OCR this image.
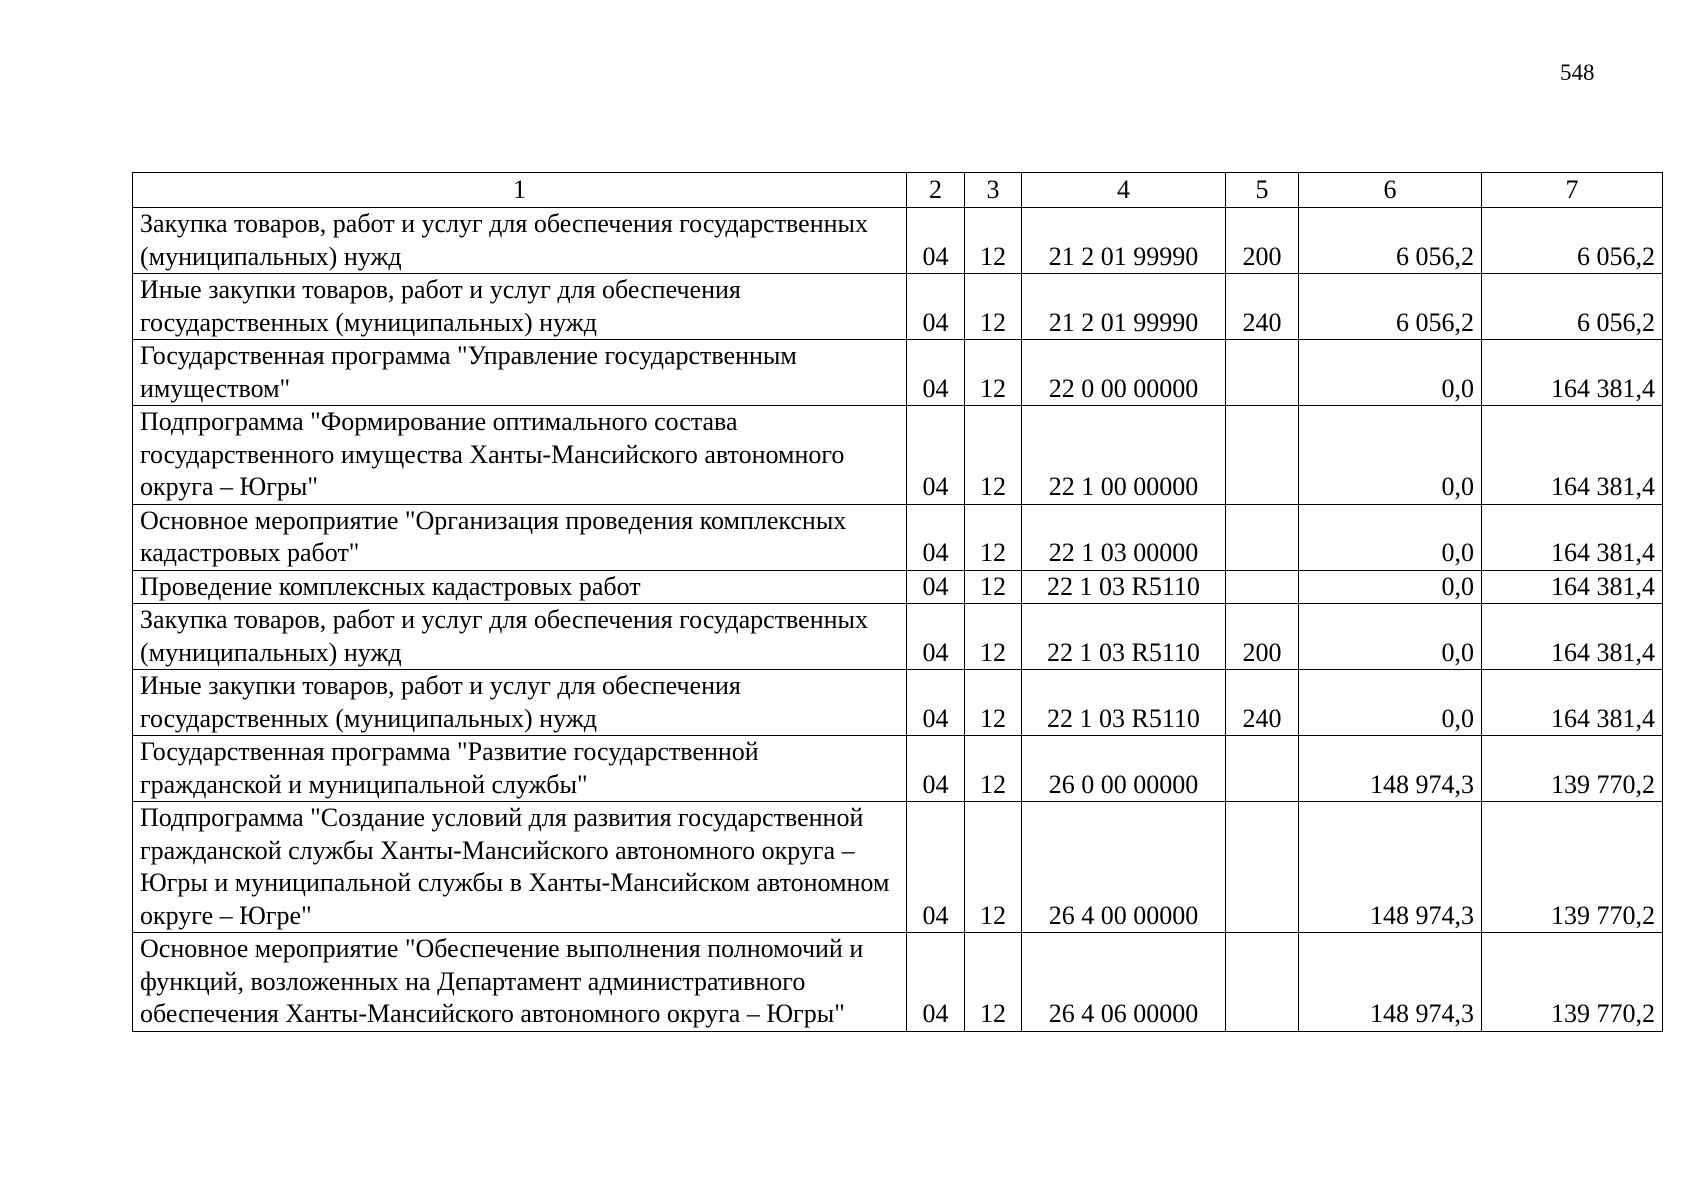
548
1	2	3	4	5	6	7
Закупка товаров, работ и услуг для обеспечения государственных (муниципальных) нужд	04	12	21 2 01 99990	200	6 056,2	6 056,2
Иные закупки товаров, работ и услуг для обеспечения государственных (муниципальных) нужд	04	12	21 2 01 99990	240	6 056,2	6 056,2
Государственная программа "Управление государственным имуществом"	04	12	22 0 00 00000		0,0	164 381,4
Подпрограмма "Формирование оптимального состава государственного имущества Ханты-Мансийского автономного округа – Югры"	04	12	22 1 00 00000		0,0	164 381,4
Основное мероприятие "Организация проведения комплексных кадастровых работ"	04	12	22 1 03 00000		0,0	164 381,4
Проведение комплексных кадастровых работ	04	12	22 1 03 R5110		0,0	164 381,4
Закупка товаров, работ и услуг для обеспечения государственных (муниципальных) нужд	04	12	22 1 03 R5110	200	0,0	164 381,4
Иные закупки товаров, работ и услуг для обеспечения государственных (муниципальных) нужд	04	12	22 1 03 R5110	240	0,0	164 381,4
Государственная программа "Развитие государственной гражданской и муниципальной службы"	04	12	26 0 00 00000		148 974,3	139 770,2
Подпрограмма "Создание условий для развития государственной гражданской службы Ханты-Мансийского автономного округа – Югры и муниципальной службы в Ханты-Мансийском автономном округе – Югре"	04	12	26 4 00 00000		148 974,3	139 770,2
Основное мероприятие "Обеспечение выполнения полномочий и функций, возложенных на Департамент административного обеспечения Ханты-Мансийского автономного округа – Югры"	04	12	26 4 06 00000		148 974,3	139 770,2
